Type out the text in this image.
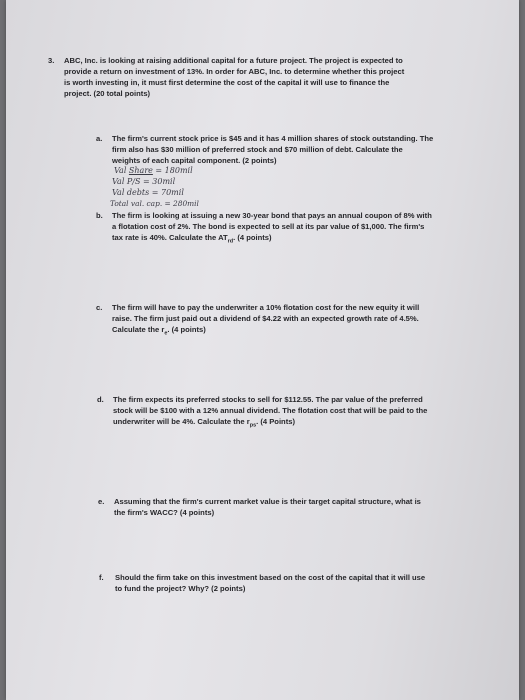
3. ABC, Inc. is looking at raising additional capital for a future project. The project is expected to
provide a return on investment of 13%. In order for ABC, Inc. to determine whether this project
is worth investing in, it must first determine the cost of the capital it will use to finance the
project. (20 total points)
a. The firm's current stock price is $45 and it has 4 million shares of stock outstanding. The
firm also has $30 million of preferred stock and $70 million of debt. Calculate the
weights of each capital component. (2 points)
Val Share = 180mil
Val P/S = 30mil
Val debts = 70mil
Total val. cap. = 280mil
b. The firm is looking at issuing a new 30-year bond that pays an annual coupon of 8% with
a flotation cost of 2%. The bond is expected to sell at its par value of $1,000. The firm's
tax rate is 40%. Calculate the $AT_{rd}$. (4 points)
c. The firm will have to pay the underwriter a 10% flotation cost for the new equity it will
raise. The firm just paid out a dividend of $4.22 with an expected growth rate of 4.5%.
Calculate the $r_e$. (4 points)
d. The firm expects its preferred stocks to sell for $112.55. The par value of the preferred
stock will be $100 with a 12% annual dividend. The flotation cost that will be paid to the
underwriter will be 4%. Calculate the $r_{ps}$. (4 Points)
e. Assuming that the firm's current market value is their target capital structure, what is
the firm's WACC? (4 points)
f. Should the firm take on this investment based on the cost of the capital that it will use
to fund the project? Why? (2 points)
